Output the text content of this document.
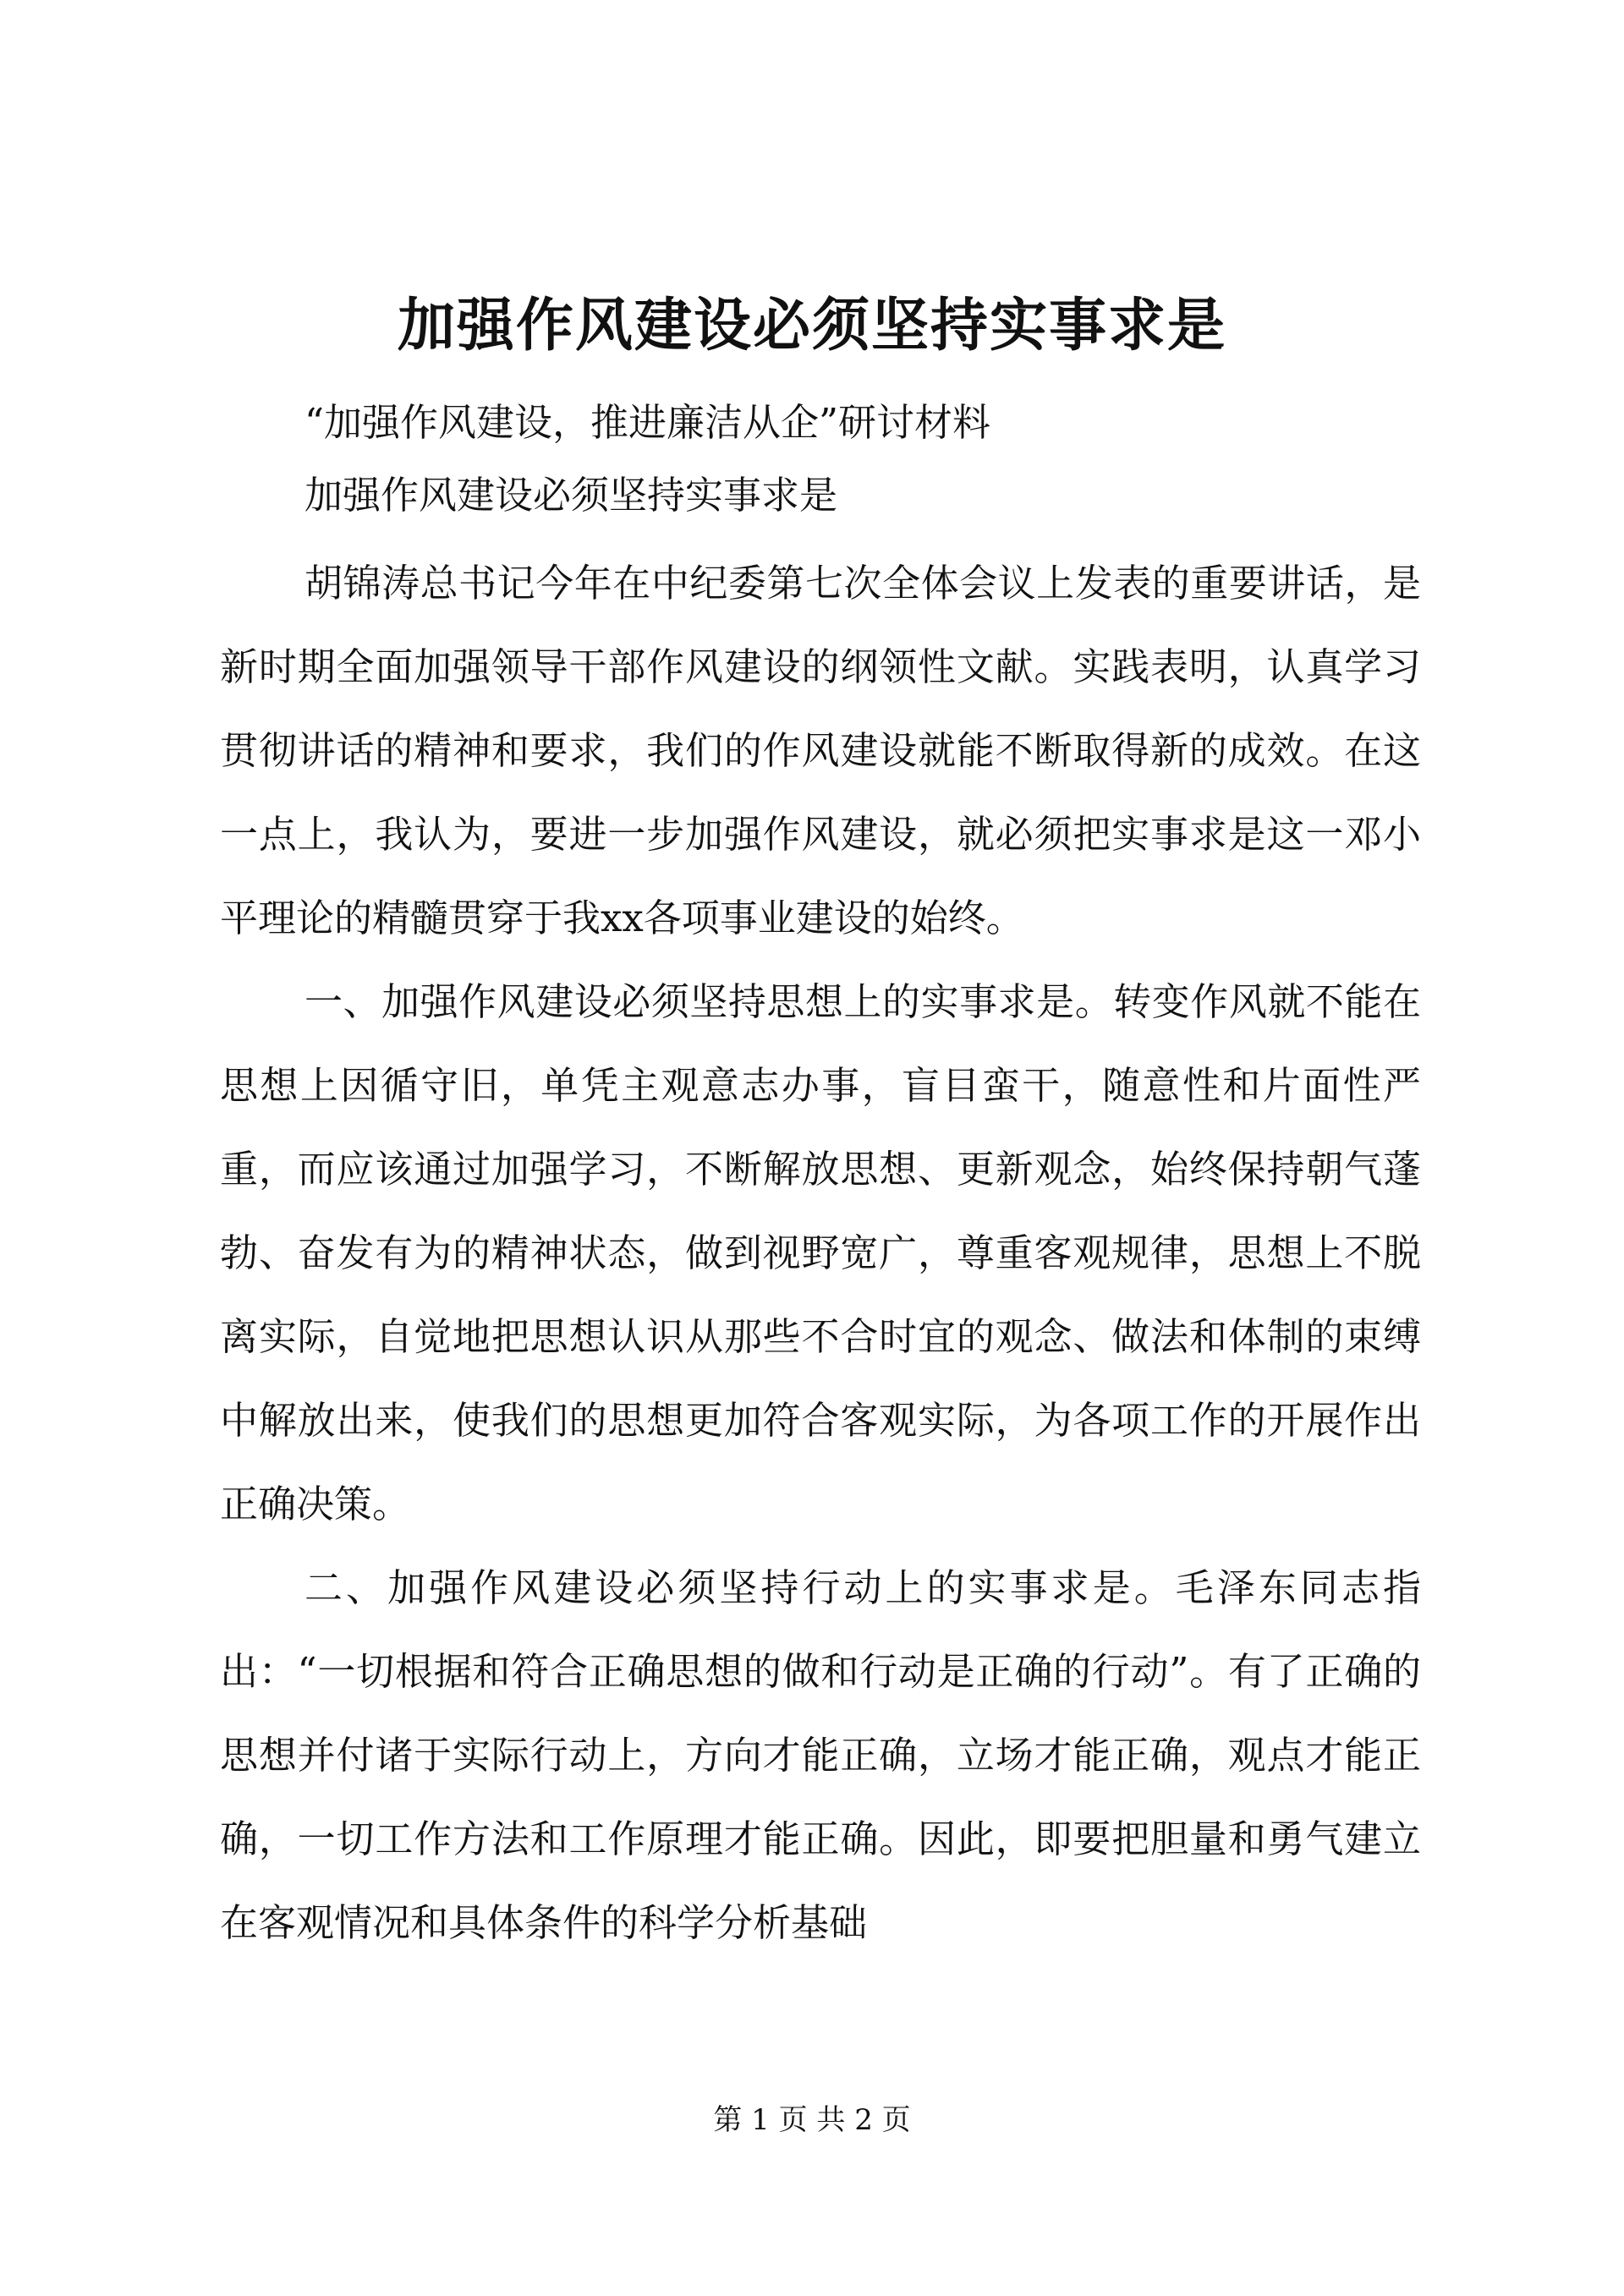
加强作风建设必须坚持实事求是
“加强作风建设，推进廉洁从企”研讨材料
加强作风建设必须坚持实事求是

胡锦涛总书记今年在中纪委第七次全体会议上发表的重要讲话，是新时期全面加强领导干部作风建设的纲领性文献。实践表明，认真学习贯彻讲话的精神和要求，我们的作风建设就能不断取得新的成效。在这一点上，我认为，要进一步加强作风建设，就必须把实事求是这一邓小平理论的精髓贯穿于我xx各项事业建设的始终。

一、加强作风建设必须坚持思想上的实事求是。转变作风就不能在思想上因循守旧，单凭主观意志办事，盲目蛮干，随意性和片面性严重，而应该通过加强学习，不断解放思想、更新观念，始终保持朝气蓬勃、奋发有为的精神状态，做到视野宽广，尊重客观规律，思想上不脱离实际，自觉地把思想认识从那些不合时宜的观念、做法和体制的束缚中解放出来，使我们的思想更加符合客观实际，为各项工作的开展作出正确决策。

二、加强作风建设必须坚持行动上的实事求是。毛泽东同志指出：“一切根据和符合正确思想的做和行动是正确的行动”。有了正确的思想并付诸于实际行动上，方向才能正确，立场才能正确，观点才能正确，一切工作方法和工作原理才能正确。因此，即要把胆量和勇气建立在客观情况和具体条件的科学分析基础

第 1 页 共 2 页
